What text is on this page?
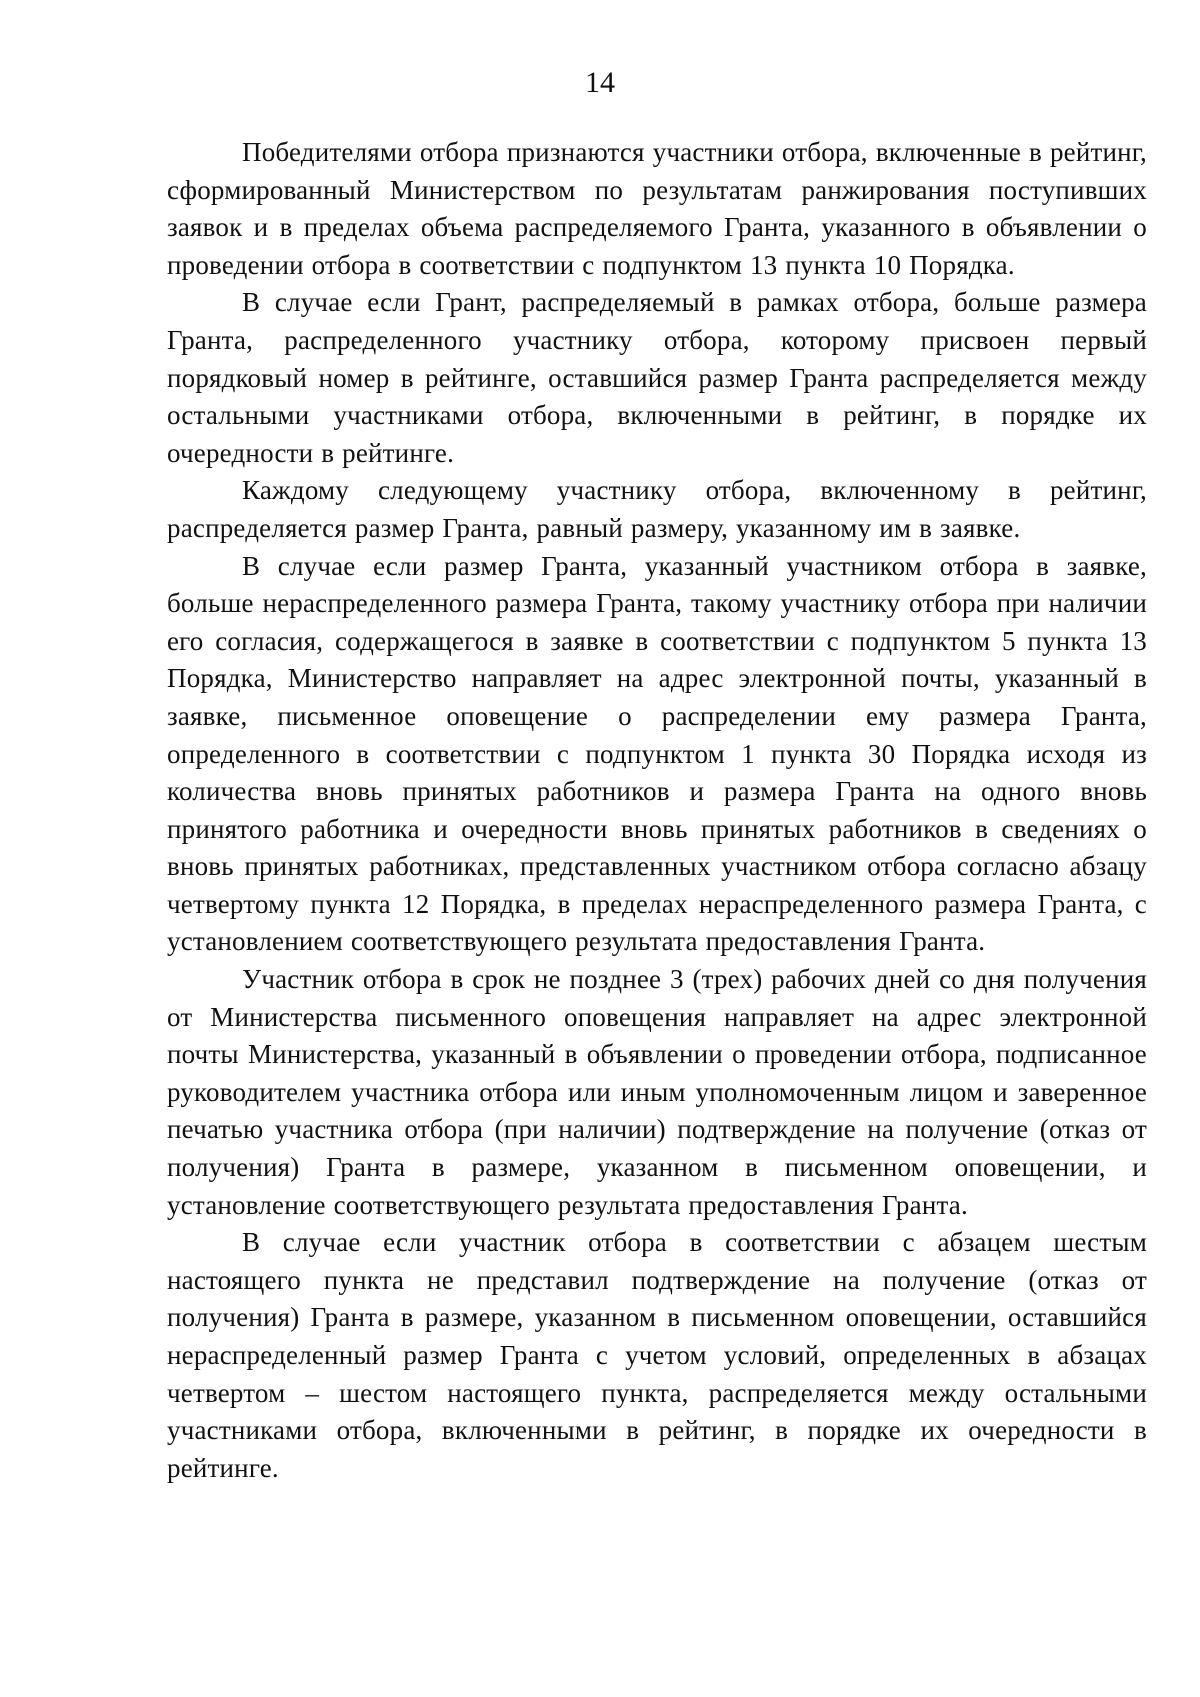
14

Победителями отбора признаются участники отбора, включенные в рейтинг, сформированный Министерством по результатам ранжирования поступивших заявок и в пределах объема распределяемого Гранта, указанного в объявлении о проведении отбора в соответствии с подпунктом 13 пункта 10 Порядка.

В случае если Грант, распределяемый в рамках отбора, больше размера Гранта, распределенного участнику отбора, которому присвоен первый порядковый номер в рейтинге, оставшийся размер Гранта распределяется между остальными участниками отбора, включенными в рейтинг, в порядке их очередности в рейтинге.

Каждому следующему участнику отбора, включенному в рейтинг, распределяется размер Гранта, равный размеру, указанному им в заявке.

В случае если размер Гранта, указанный участником отбора в заявке, больше нераспределенного размера Гранта, такому участнику отбора при наличии его согласия, содержащегося в заявке в соответствии с подпунктом 5 пункта 13 Порядка, Министерство направляет на адрес электронной почты, указанный в заявке, письменное оповещение о распределении ему размера Гранта, определенного в соответствии с подпунктом 1 пункта 30 Порядка исходя из количества вновь принятых работников и размера Гранта на одного вновь принятого работника и очередности вновь принятых работников в сведениях о вновь принятых работниках, представленных участником отбора согласно абзацу четвертому пункта 12 Порядка, в пределах нераспределенного размера Гранта, с установлением соответствующего результата предоставления Гранта.

Участник отбора в срок не позднее 3 (трех) рабочих дней со дня получения от Министерства письменного оповещения направляет на адрес электронной почты Министерства, указанный в объявлении о проведении отбора, подписанное руководителем участника отбора или иным уполномоченным лицом и заверенное печатью участника отбора (при наличии) подтверждение на получение (отказ от получения) Гранта в размере, указанном в письменном оповещении, и установление соответствующего результата предоставления Гранта.

В случае если участник отбора в соответствии с абзацем шестым настоящего пункта не представил подтверждение на получение (отказ от получения) Гранта в размере, указанном в письменном оповещении, оставшийся нераспределенный размер Гранта с учетом условий, определенных в абзацах четвертом – шестом настоящего пункта, распределяется между остальными участниками отбора, включенными в рейтинг, в порядке их очередности в рейтинге.
